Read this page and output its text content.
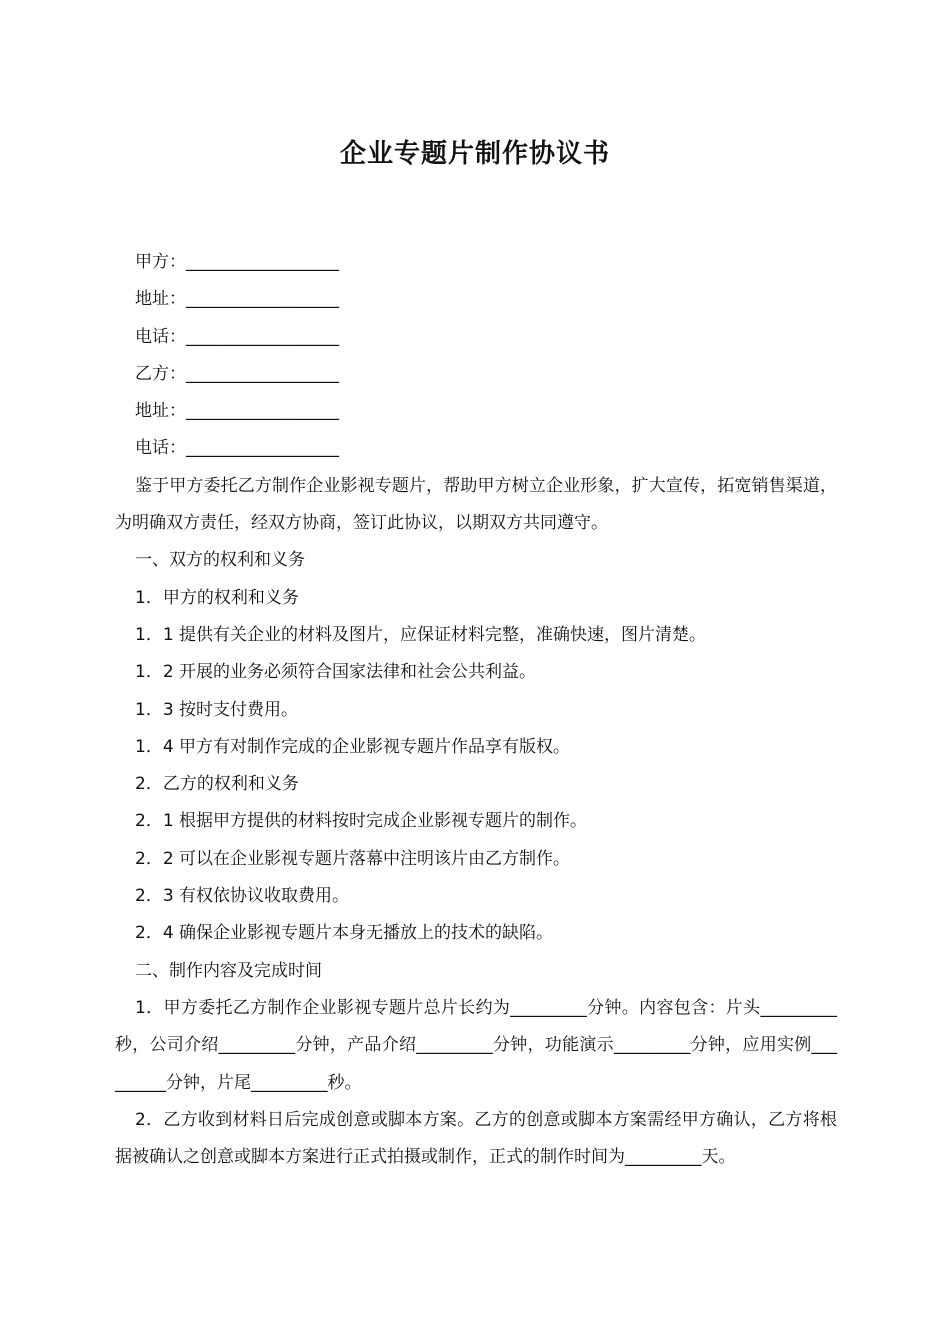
企业专题片制作协议书
甲方：__________________
地址：__________________
电话：__________________
乙方：__________________
地址：__________________
电话：__________________
鉴于甲方委托乙方制作企业影视专题片，帮助甲方树立企业形象，扩大宣传，拓宽销售渠道，为明确双方责任，经双方协商，签订此协议，以期双方共同遵守。
一、双方的权利和义务
1．甲方的权利和义务
1．1 提供有关企业的材料及图片，应保证材料完整，准确快速，图片清楚。
1．2 开展的业务必须符合国家法律和社会公共利益。
1．3 按时支付费用。
1．4 甲方有对制作完成的企业影视专题片作品享有版权。
2．乙方的权利和义务
2．1 根据甲方提供的材料按时完成企业影视专题片的制作。
2．2 可以在企业影视专题片落幕中注明该片由乙方制作。
2．3 有权依协议收取费用。
2．4 确保企业影视专题片本身无播放上的技术的缺陷。
二、制作内容及完成时间
1．甲方委托乙方制作企业影视专题片总片长约为_________分钟。内容包含：片头_________秒，公司介绍_________分钟，产品介绍_________分钟，功能演示_________分钟，应用实例_________分钟，片尾_________秒。
2．乙方收到材料日后完成创意或脚本方案。乙方的创意或脚本方案需经甲方确认，乙方将根据被确认之创意或脚本方案进行正式拍摄或制作，正式的制作时间为_________天。
